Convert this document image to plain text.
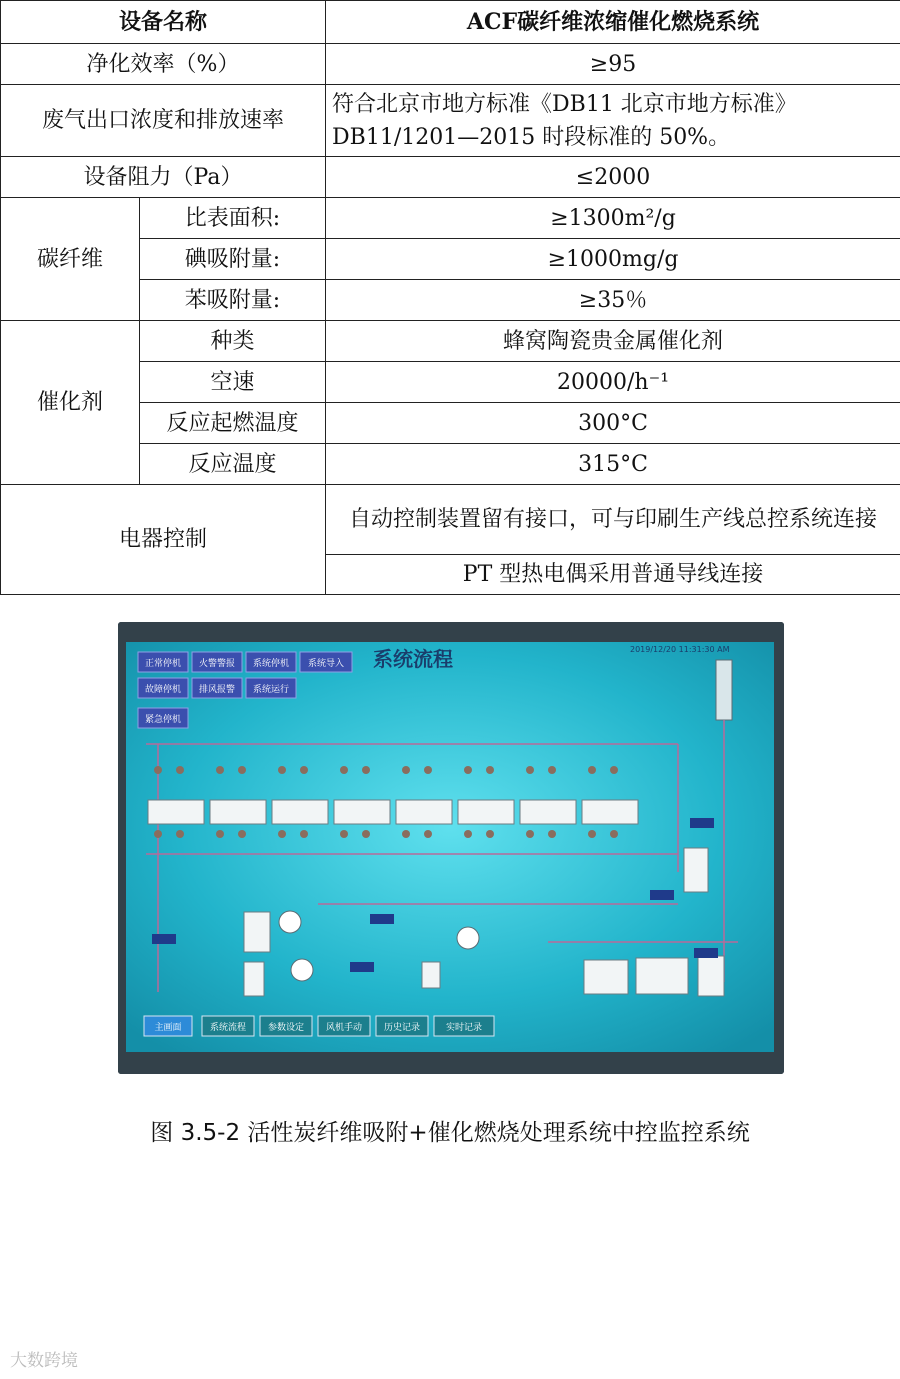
设备名称		ACF碳纤维浓缩催化燃烧系统
净化效率（%）		≥95
废气出口浓度和排放速率		符合北京市地方标准《DB11 北京市地方标准》
DB11/1201—2015 时段标准的 50%。

设备阻力（Pa）		≤2000
碳纤维	比表面积:	≥1300m²/g
	碘吸附量:	≥1000mg/g
	苯吸附量:	≥35％
催化剂	种类	蜂窝陶瓷贵金属催化剂
	空速	20000/h⁻¹
	反应起燃温度	300°C
	反应温度	315°C
电器控制		自动控制装置留有接口，可与印刷生产线总控系统连接
		PT 型热电偶采用普通导线连接
正常停机 火警警报 系统停机 系统导入
故障停机 排风报警 系统运行
紧急停机
系统流程	2019/12/20 11:31:30 AM
主画面	系统流程 参数设定 风机手动 历史记录	实时记录
图 3.5-2 活性炭纤维吸附+催化燃烧处理系统中控监控系统
大数跨境
